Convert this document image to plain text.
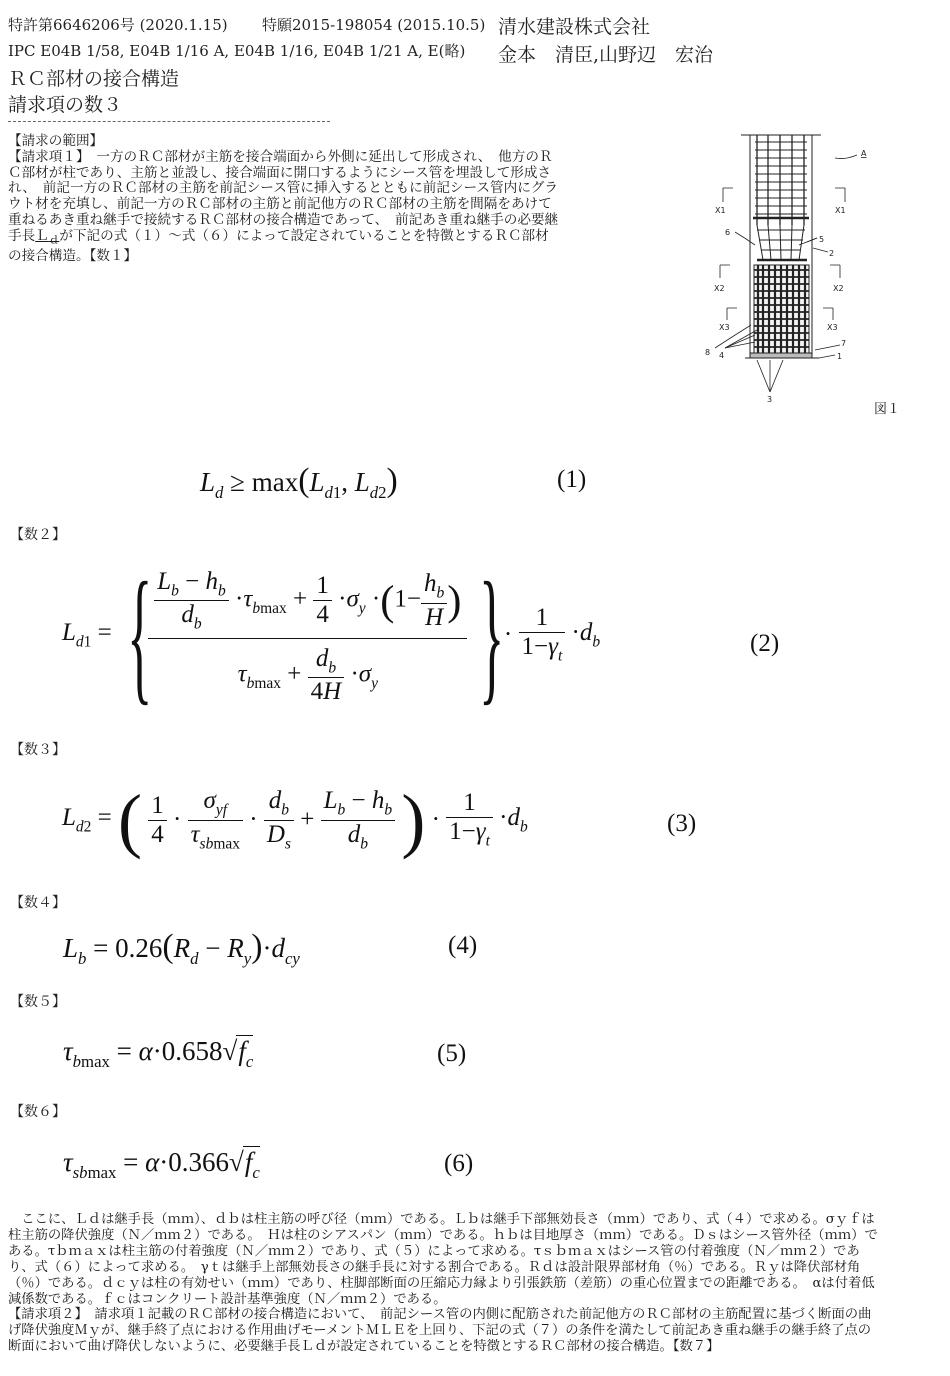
特許第6646206号 (2020.1.15) 特願2015-198054 (2015.10.5)
IPC E04B 1/58, E04B 1/16 A, E04B 1/16, E04B 1/21 A, E(略)
ＲＣ部材の接合構造
請求項の数３
清水建設株式会社
金本　清臣,山野辺　宏治
【請求の範囲】
【請求項１】　一方のＲＣ部材が主筋を接合端面から外側に延出して形成され、　他方のＲ
Ｃ部材が柱であり、主筋と並設し、接合端面に開口するようにシース管を埋設して形成さ
れ、　前記一方のＲＣ部材の主筋を前記シース管に挿入するとともに前記シース管内にグラ
ウト材を充填し、前記一方のＲＣ部材の主筋と前記他方のＲＣ部材の主筋を間隔をあけて
重ねるあき重ね継手で接続するＲＣ部材の接合構造であって、　前記あき重ね継手の必要継
手長Ｌ$_d$が下記の式（１）～式（６）によって設定されていることを特徴とするＲＣ部材
の接合構造。【数１】
A
X1	X1
6
5
2
X2	X2
X3	X3
8 4
7
1
3
図１
$L_d \ge \max(L_{d1}$, $L_{d2}$)	(1)
【数２】
$L_{d1}$ = {
$\frac{\frac{L_b - h_b}{d_b} \cdot\tau_{bmax} + \frac{1}{4} \cdot\sigma_y \cdot(1- \frac{h_b}{H} )}{\tau_{bmax} + \frac{d_b}{4H} \cdot\sigma_y}$ } · $\frac{1}{1-\gamma_t} \cdot d_b$	(2)
【数３】
$L_{d2}$ = ( $\frac{1}{4} \cdot \frac{\sigma_{yf}}{\tau_{sbmax}} \cdot \frac{d_b}{D_s} + \frac{L_b - h_b}{d_b}$ ) · $\frac{1}{1-\gamma_t} \cdot d_b$	(3)
【数４】
$L_b = 0.26(R_d - R_y)\cdot d_{cy}$	(4)
【数５】
$\tau_{bmax} = \alpha\cdot 0.658√f_c$	(5)
【数６】
$\tau_{sbmax} = \alpha\cdot 0.366√f_c$	(6)
　ここに、Ｌｄは継手長（ｍｍ）、ｄｂは柱主筋の呼び径（ｍｍ）である。Ｌｂは継手下部無効長さ（ｍｍ）であり、式（４）で求める。σｙｆは
柱主筋の降伏強度（Ｎ／ｍｍ２）である。　Ｈは柱のシアスパン（ｍｍ）である。ｈｂは目地厚さ（ｍｍ）である。Ｄｓはシース管外径（ｍｍ）で
ある。τｂｍａｘは柱主筋の付着強度（Ｎ／ｍｍ２）であり、式（５）によって求める。τｓｂｍａｘはシース管の付着強度（Ｎ／ｍｍ２）であ
り、式（６）によって求める。　γｔは継手上部無効長さの継手長に対する割合である。Ｒｄは設計限界部材角（％）である。Ｒｙは降伏部材角
（％）である。ｄｃｙは柱の有効せい（ｍｍ）であり、柱脚部断面の圧縮応力縁より引張鉄筋（差筋）の重心位置までの距離である。　αは付着低
減係数である。ｆｃはコンクリート設計基準強度（Ｎ／ｍｍ２）である。
【請求項２】　請求項１記載のＲＣ部材の接合構造において、　前記シース管の内側に配筋された前記他方のＲＣ部材の主筋配置に基づく断面の曲
げ降伏強度Ｍｙが、継手終了点における作用曲げモーメントＭＬＥを上回り、下記の式（７）の条件を満たして前記あき重ね継手の継手終了点の
断面において曲げ降伏しないように、必要継手長Ｌｄが設定されていることを特徴とするＲＣ部材の接合構造。【数７】
